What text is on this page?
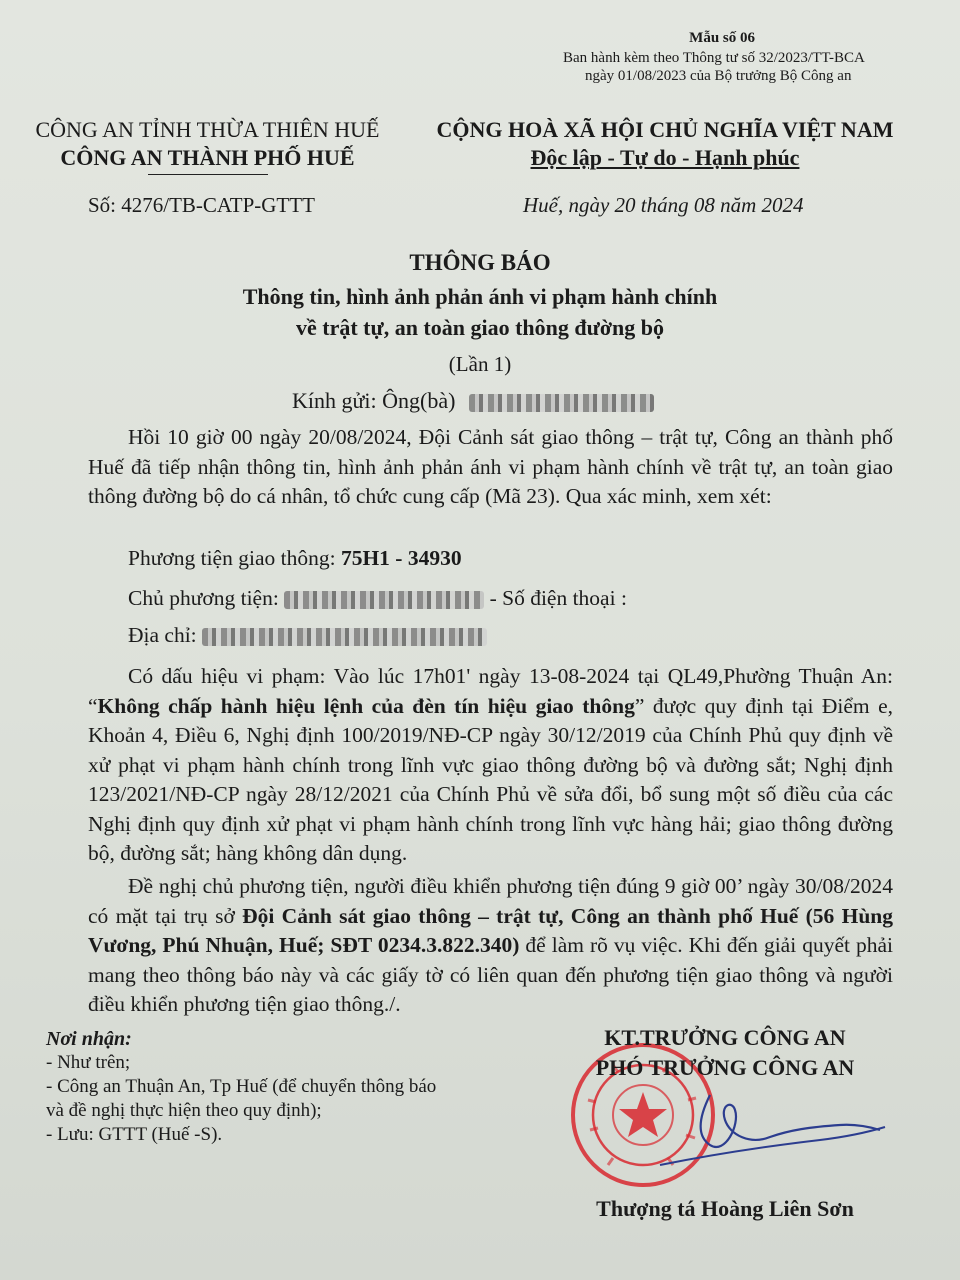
Mẫu số 06
Ban hành kèm theo Thông tư số 32/2023/TT-BCA
ngày 01/08/2023 của Bộ trưởng Bộ Công an
CÔNG AN TỈNH THỪA THIÊN HUẾ
CÔNG AN THÀNH PHỐ HUẾ
CỘNG HOÀ XÃ HỘI CHỦ NGHĨA VIỆT NAM
Độc lập - Tự do - Hạnh phúc
Số: 4276/TB-CATP-GTTT	Huế, ngày 20 tháng 08 năm 2024
THÔNG BÁO
Thông tin, hình ảnh phản ánh vi phạm hành chính
về trật tự, an toàn giao thông đường bộ
(Lần 1)
Kính gửi: Ông(bà)
Hồi 10 giờ 00 ngày 20/08/2024, Đội Cảnh sát giao thông – trật tự, Công an thành phố Huế đã tiếp nhận thông tin, hình ảnh phản ánh vi phạm hành chính về trật tự, an toàn giao thông đường bộ do cá nhân, tổ chức cung cấp (Mã 23). Qua xác minh, xem xét:
Phương tiện giao thông: 75H1 - 34930
Chủ phương tiện:	- Số điện thoại :
Địa chỉ:
Có dấu hiệu vi phạm: Vào lúc 17h01' ngày 13-08-2024 tại QL49,Phường Thuận An: “Không chấp hành hiệu lệnh của đèn tín hiệu giao thông” được quy định tại Điểm e, Khoản 4, Điều 6, Nghị định 100/2019/NĐ-CP ngày 30/12/2019 của Chính Phủ quy định về xử phạt vi phạm hành chính trong lĩnh vực giao thông đường bộ và đường sắt; Nghị định 123/2021/NĐ-CP ngày 28/12/2021 của Chính Phủ về sửa đổi, bổ sung một số điều của các Nghị định quy định xử phạt vi phạm hành chính trong lĩnh vực hàng hải; giao thông đường bộ, đường sắt; hàng không dân dụng.
Đề nghị chủ phương tiện, người điều khiển phương tiện đúng 9 giờ 00’ ngày 30/08/2024 có mặt tại trụ sở Đội Cảnh sát giao thông – trật tự, Công an thành phố Huế (56 Hùng Vương, Phú Nhuận, Huế; SĐT 0234.3.822.340) để làm rõ vụ việc. Khi đến giải quyết phải mang theo thông báo này và các giấy tờ có liên quan đến phương tiện giao thông và người điều khiển phương tiện giao thông./.
Nơi nhận:
- Như trên;
- Công an Thuận An, Tp Huế (để chuyển thông báo và đề nghị thực hiện theo quy định);
- Lưu: GTTT (Huế -S).
KT.TRƯỞNG CÔNG AN
PHÓ TRƯỞNG CÔNG AN
Thượng tá Hoàng Liên Sơn
